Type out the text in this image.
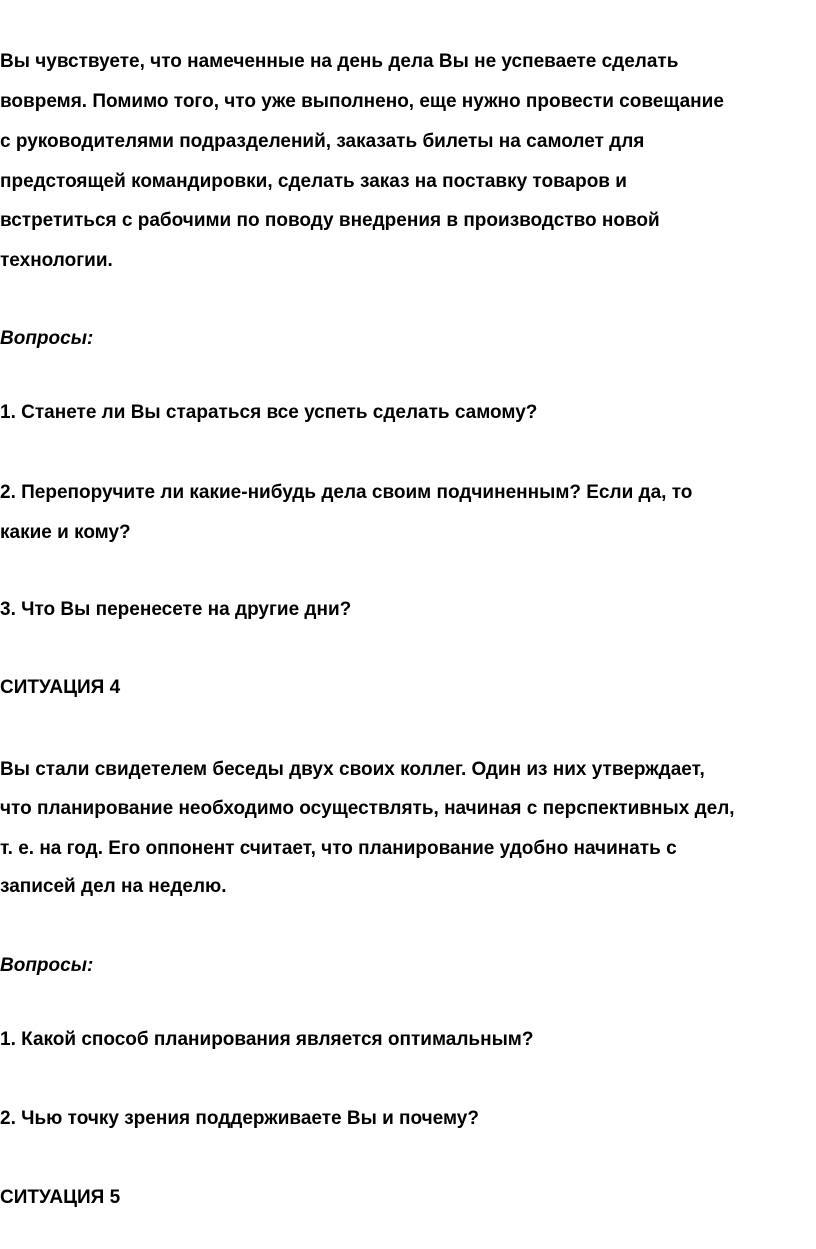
Вы чувствуете, что намеченные на день дела Вы не успеваете сделать

вовремя. Помимо того, что уже выполнено, еще нужно провести совещание

с руководителями подразделений, заказать билеты на самолет для

предстоящей командировки, сделать заказ на поставку товаров и

встретиться с рабочими по поводу внедрения в производство новой

технологии.

Вопросы:

1. Станете ли Вы стараться все успеть сделать самому?

2. Перепоручите ли какие-нибудь дела своим подчиненным? Если да, то

какие и кому?

3. Что Вы перенесете на другие дни?

СИТУАЦИЯ 4

Вы стали свидетелем беседы двух своих коллег. Один из них утверждает,

что планирование необходимо осуществлять, начиная с перспективных дел,

т. е. на год. Его оппонент считает, что планирование удобно начинать с

записей дел на неделю.

Вопросы:

1. Какой способ планирования является оптимальным?

2. Чью точку зрения поддерживаете Вы и почему?

СИТУАЦИЯ 5
